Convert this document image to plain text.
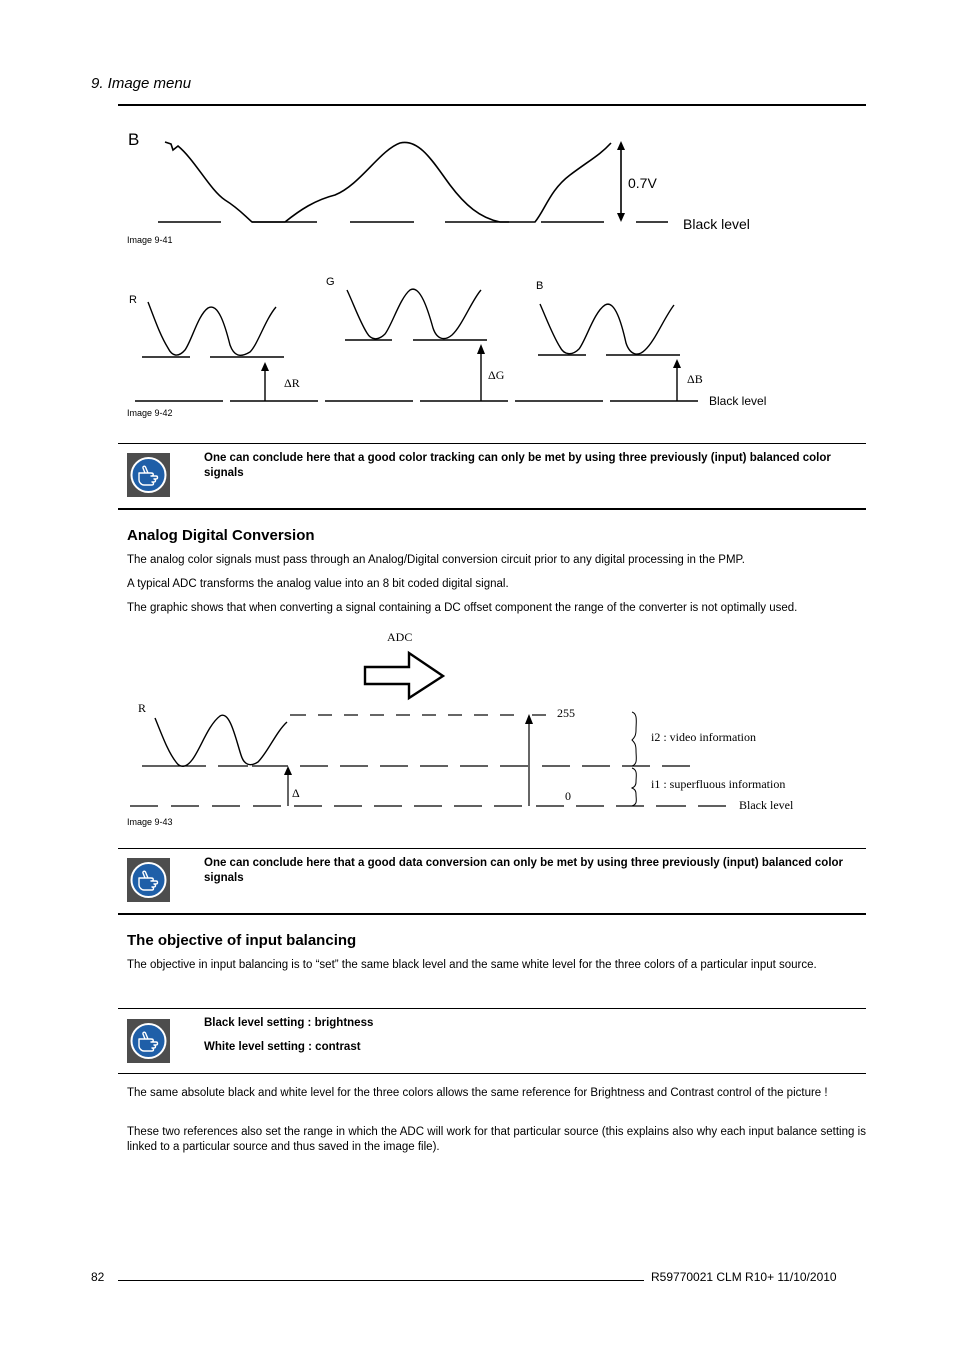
9. Image menu
B
0.7V
Black level
Image 9-41
R
G	B
ΔR
ΔG	ΔB
Black level
Image 9-42
One can conclude here that a good color tracking can only be met by using three previously (input) balanced color signals
Analog Digital Conversion
The analog color signals must pass through an Analog/Digital conversion circuit prior to any digital processing in the PMP.
A typical ADC transforms the analog value into an 8 bit coded digital signal.
The graphic shows that when converting a signal containing a DC offset component the range of the converter is not optimally used.
ADC
R	255
0
Δ
i2 : video information
i1 : superfluous information
Black level
Image 9-43
One can conclude here that a good data conversion can only be met by using three previously (input) balanced color signals
The objective of input balancing
The objective in input balancing is to “set” the same black level and the same white level for the three colors of a particular input source.
Black level setting : brightness
White level setting : contrast
The same absolute black and white level for the three colors allows the same reference for Brightness and Contrast control of the picture !
These two references also set the range in which the ADC will work for that particular source (this explains also why each input balance setting is linked to a particular source and thus saved in the image file).
82	R59770021 CLM R10+ 11/10/2010
